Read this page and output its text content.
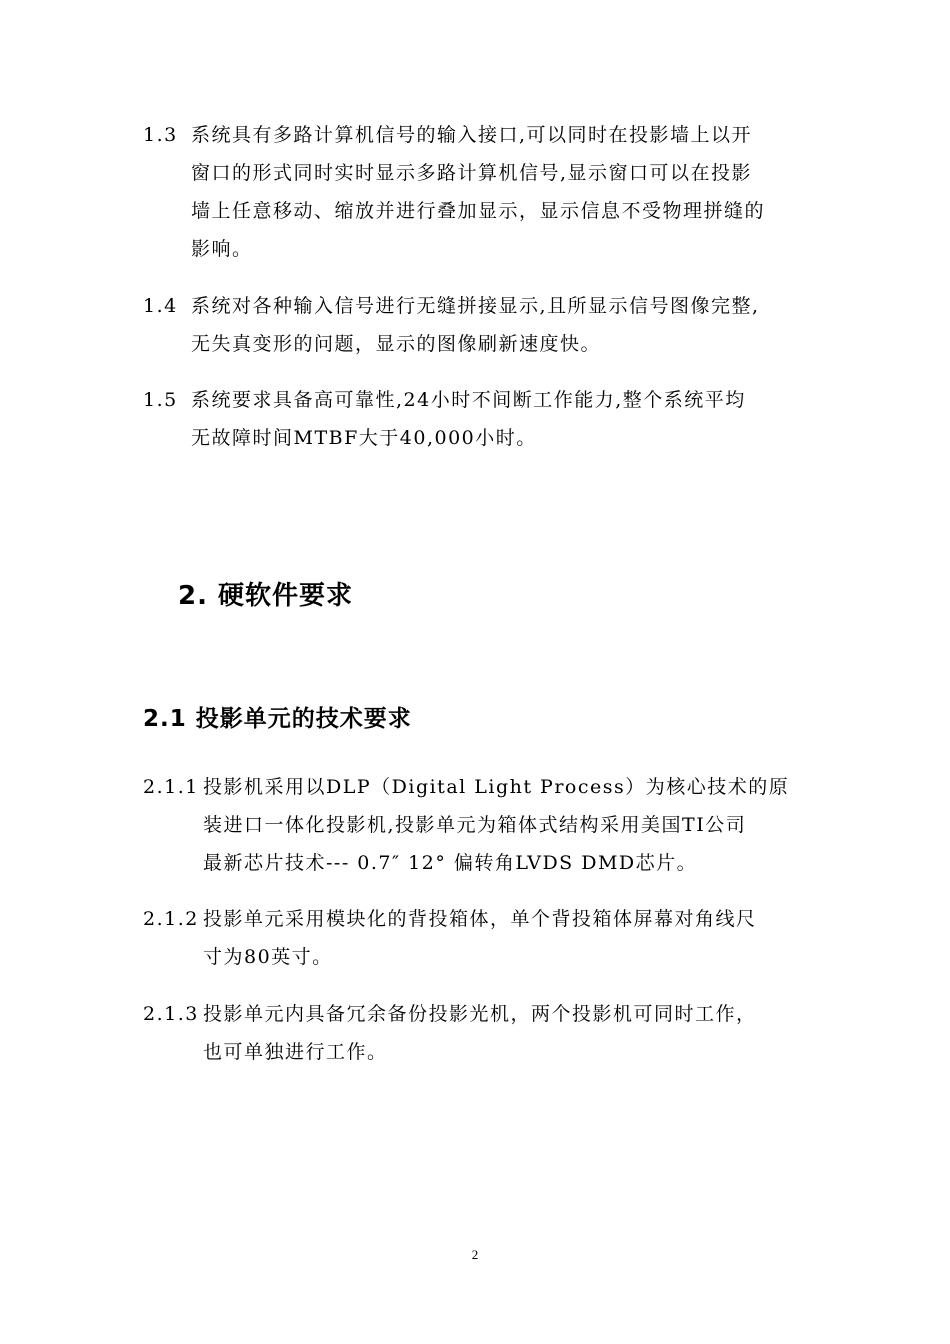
1.3 系统具有多路计算机信号的输入接口,可以同时在投影墙上以开
窗口的形式同时实时显示多路计算机信号,显示窗口可以在投影
墙上任意移动、缩放并进行叠加显示，显示信息不受物理拼缝的
影响。
1.4 系统对各种输入信号进行无缝拼接显示,且所显示信号图像完整,
无失真变形的问题，显示的图像刷新速度快。
1.5 系统要求具备高可靠性,24小时不间断工作能力,整个系统平均
无故障时间MTBF大于40,000小时。
2. 硬软件要求
2.1 投影单元的技术要求
2.1.1 投影机采用以DLP（Digital Light Process）为核心技术的原
装进口一体化投影机,投影单元为箱体式结构采用美国TI公司
最新芯片技术--- 0.7″ 12° 偏转角LVDS DMD芯片。
2.1.2 投影单元采用模块化的背投箱体，单个背投箱体屏幕对角线尺
寸为80英寸。
2.1.3 投影单元内具备冗余备份投影光机，两个投影机可同时工作，
也可单独进行工作。
2
